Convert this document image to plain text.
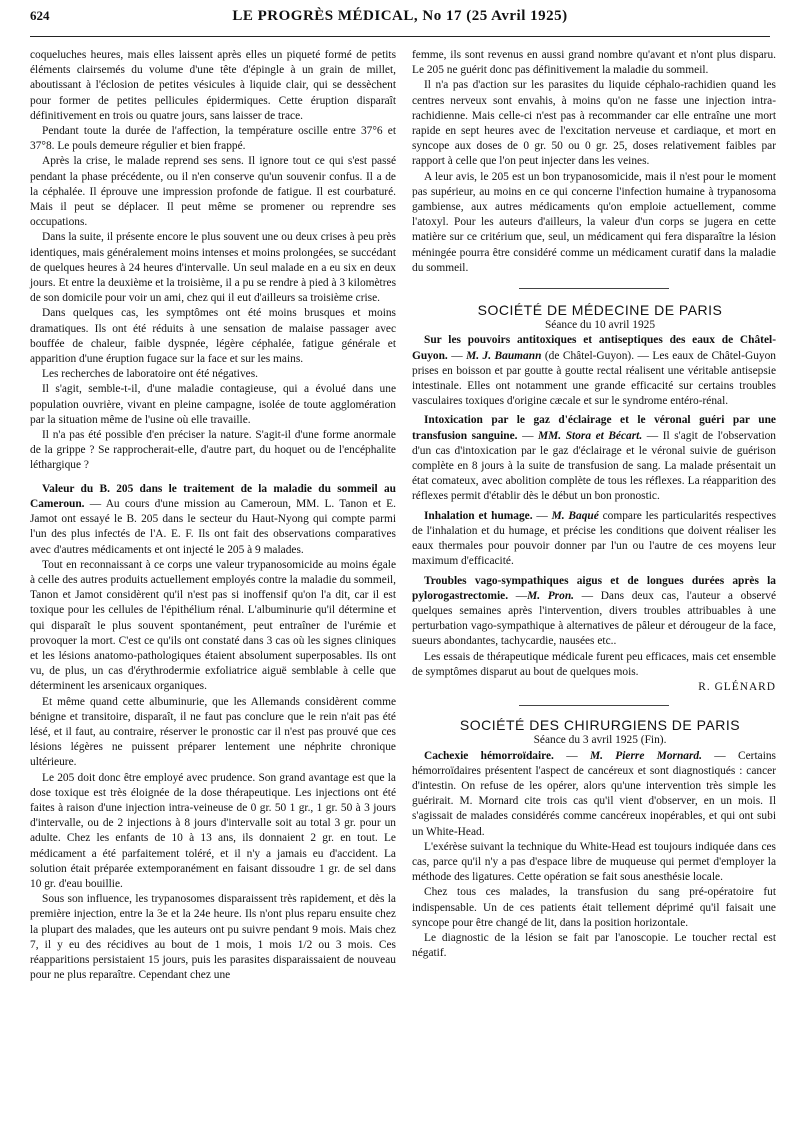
624	LE PROGRÈS MÉDICAL, No 17 (25 Avril 1925)

coqueluches heures, mais elles laissent après elles un piqueté formé de petits éléments clairsemés du volume d'une tête d'épingle à un grain de millet, aboutissant à l'éclosion de petites vésicules à liquide clair, qui se dessèchent pour former de petites pellicules épidermiques. Cette éruption disparaît définitivement en trois ou quatre jours, sans laisser de trace.

Pendant toute la durée de l'affection, la température oscille entre 37°6 et 37°8. Le pouls demeure régulier et bien frappé.

Après la crise, le malade reprend ses sens. Il ignore tout ce qui s'est passé pendant la phase précédente, ou il n'en conserve qu'un souvenir confus. Il a de la céphalée. Il éprouve une impression profonde de fatigue. Il est courbaturé. Mais il peut se déplacer. Il peut même se promener ou reprendre ses occupations.

Dans la suite, il présente encore le plus souvent une ou deux crises à peu près identiques, mais généralement moins intenses et moins prolongées, se succédant de quelques heures à 24 heures d'intervalle. Un seul malade en a eu six en deux jours. Et entre la deuxième et la troisième, il a pu se rendre à pied à 3 kilomètres de son domicile pour voir un ami, chez qui il eut d'ailleurs sa troisième crise.

Dans quelques cas, les symptômes ont été moins brusques et moins dramatiques. Ils ont été réduits à une sensation de malaise passager avec bouffée de chaleur, faible dyspnée, légère céphalée, fatigue générale et apparition d'une éruption fugace sur la face et sur les mains.

Les recherches de laboratoire ont été négatives.

Il s'agit, semble-t-il, d'une maladie contagieuse, qui a évolué dans une population ouvrière, vivant en pleine campagne, isolée de toute agglomération par la situation même de l'usine où elle travaille.

Il n'a pas été possible d'en préciser la nature. S'agit-il d'une forme anormale de la grippe ? Se rapprocherait-elle, d'autre part, du hoquet ou de l'encéphalite léthargique ?

Valeur du B. 205 dans le traitement de la maladie du sommeil au Cameroun. — Au cours d'une mission au Cameroun, MM. L. Tanon et E. Jamot ont essayé le B. 205 dans le secteur du Haut-Nyong qui compte parmi l'un des plus infectés de l'A. E. F. Ils ont fait des observations comparatives avec d'autres médicaments et ont injecté le 205 à 9 malades.

Tout en reconnaissant à ce corps une valeur trypanosomicide au moins égale à celle des autres produits actuellement employés contre la maladie du sommeil, Tanon et Jamot considèrent qu'il n'est pas si inoffensif qu'on l'a dit, car il est toxique pour les cellules de l'épithélium rénal. L'albuminurie qu'il détermine et qui disparaît le plus souvent spontanément, peut entraîner de l'urémie et provoquer la mort. C'est ce qu'ils ont constaté dans 3 cas où les signes cliniques et les lésions anatomo-pathologiques étaient absolument superposables. Ils ont vu, de plus, un cas d'érythrodermie exfoliatrice aiguë semblable à celle que déterminent les arsenicaux organiques.

Et même quand cette albuminurie, que les Allemands considèrent comme bénigne et transitoire, disparaît, il ne faut pas conclure que le rein n'ait pas été lésé, et il faut, au contraire, réserver le pronostic car il n'est pas prouvé que ces lésions légères ne puissent préparer lentement une néphrite chronique ultérieure.

Le 205 doit donc être employé avec prudence. Son grand avantage est que la dose toxique est très éloignée de la dose thérapeutique. Les injections ont été faites à raison d'une injection intra-veineuse de 0 gr. 50 1 gr., 1 gr. 50 à 3 jours d'intervalle, ou de 2 injections à 8 jours d'intervalle soit au total 3 gr. pour un adulte. Chez les enfants de 10 à 13 ans, ils donnaient 2 gr. en tout. Le médicament a été parfaitement toléré, et il n'y a jamais eu d'accident. La solution était préparée extemporanément en faisant dissoudre 1 gr. de sel dans 10 gr. d'eau bouillie.

Sous son influence, les trypanosomes disparaissent très rapidement, et dès la première injection, entre la 3e et la 24e heure. Ils n'ont plus reparu ensuite chez la plupart des malades, que les auteurs ont pu suivre pendant 9 mois. Mais chez 7, il y eu des récidives au bout de 1 mois, 1 mois 1/2 ou 3 mois. Ces réapparitions persistaient 15 jours, puis les parasites disparaissaient de nouveau pour ne plus reparaître. Cependant chez une

femme, ils sont revenus en aussi grand nombre qu'avant et n'ont plus disparu. Le 205 ne guérit donc pas définitivement la maladie du sommeil.

Il n'a pas d'action sur les parasites du liquide céphalo-rachidien quand les centres nerveux sont envahis, à moins qu'on ne fasse une injection intra-rachidienne. Mais celle-ci n'est pas à recommander car elle entraîne une mort rapide en sept heures avec de l'excitation nerveuse et cardiaque, et mort en syncope aux doses de 0 gr. 50 ou 0 gr. 25, doses relativement faibles par rapport à celle que l'on peut injecter dans les veines.

A leur avis, le 205 est un bon trypanosomicide, mais il n'est pour le moment pas supérieur, au moins en ce qui concerne l'infection humaine à trypanosoma gambiense, aux autres médicaments qu'on emploie actuellement, comme l'atoxyl. Pour les auteurs d'ailleurs, la valeur d'un corps se jugera en cette matière sur ce critérium que, seul, un médicament qui fera disparaître la lésion méningée pourra être considéré comme un médicament curatif dans la maladie du sommeil.

SOCIÉTÉ DE MÉDECINE DE PARIS

Séance du 10 avril 1925

Sur les pouvoirs antitoxiques et antiseptiques des eaux de Châtel-Guyon. — M. J. Baumann (de Châtel-Guyon). — Les eaux de Châtel-Guyon prises en boisson et par goutte à goutte rectal réalisent une véritable antisepsie intestinale. Elles ont notamment une grande efficacité sur certains troubles vasculaires toxiques d'origine cæcale et sur le syndrome entéro-rénal.

Intoxication par le gaz d'éclairage et le véronal guéri par une transfusion sanguine. — MM. Stora et Bécart. — Il s'agit de l'observation d'un cas d'intoxication par le gaz d'éclairage et le véronal suivie de guérison complète en 8 jours à la suite de transfusion de sang. La malade présentait un état comateux, avec abolition complète de tous les réflexes. La réapparition des réflexes permit d'établir dès le début un bon pronostic.

Inhalation et humage. — M. Baqué compare les particularités respectives de l'inhalation et du humage, et précise les conditions que doivent réaliser les eaux thermales pour pouvoir donner par l'un ou l'autre de ces moyens leur maximum d'efficacité.

Troubles vago-sympathiques aigus et de longues durées après la pylorogastrectomie. —M. Pron. — Dans deux cas, l'auteur a observé quelques semaines après l'intervention, divers troubles attribuables à une perturbation vago-sympathique à alternatives de pâleur et dérougeur de la face, sueurs abondantes, tachycardie, nausées etc..

Les essais de thérapeutique médicale furent peu efficaces, mais cet ensemble de symptômes disparut au bout de quelques mois.

R. GLÉNARD

SOCIÉTÉ DES CHIRURGIENS DE PARIS

Séance du 3 avril 1925 (Fin).

Cachexie hémorroïdaire. — M. Pierre Mornard. — Certains hémorroïdaires présentent l'aspect de cancéreux et sont diagnostiqués : cancer d'intestin. On refuse de les opérer, alors qu'une intervention très simple les guérirait. M. Mornard cite trois cas qu'il vient d'observer, en un mois. Il s'agissait de malades considérés comme cancéreux inopérables, et qui ont subi un White-Head.

L'exérèse suivant la technique du White-Head est toujours indiquée dans ces cas, parce qu'il n'y a pas d'espace libre de muqueuse qui permet d'employer la méthode des ligatures. Cette opération se fait sous anesthésie locale.

Chez tous ces malades, la transfusion du sang pré-opératoire fut indispensable. Un de ces patients était tellement déprimé qu'il faisait une syncope pour être changé de lit, dans la position horizontale.

Le diagnostic de la lésion se fait par l'anoscopie. Le toucher rectal est négatif.
